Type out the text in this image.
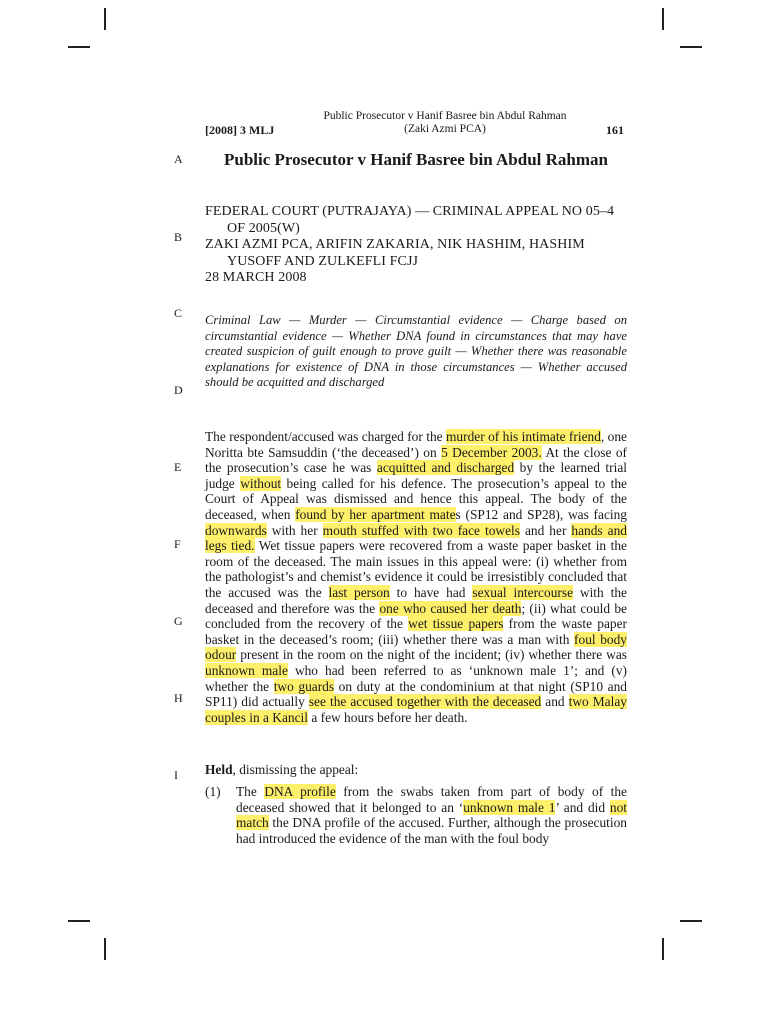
Public Prosecutor v Hanif Basree bin Abdul Rahman
(Zaki Azmi PCA)
[2008] 3 MLJ	161
Public Prosecutor v Hanif Basree bin Abdul Rahman
A
B
C
D
E
F
G
H
I
FEDERAL COURT (PUTRAJAYA) — CRIMINAL APPEAL NO 05–4
OF 2005(W)
ZAKI AZMI PCA, ARIFIN ZAKARIA, NIK HASHIM, HASHIM
YUSOFF AND ZULKEFLI FCJJ
28 MARCH 2008
Criminal Law — Murder — Circumstantial evidence — Charge based on circumstantial evidence — Whether DNA found in circumstances that may have created suspicion of guilt enough to prove guilt — Whether there was reasonable explanations for existence of DNA in those circumstances — Whether accused should be acquitted and discharged
The respondent/accused was charged for the murder of his intimate friend, one Noritta bte Samsuddin (‘the deceased’) on 5 December 2003. At the close of the prosecution’s case he was acquitted and discharged by the learned trial judge without being called for his defence. The prosecution’s appeal to the Court of Appeal was dismissed and hence this appeal. The body of the deceased, when found by her apartment mates (SP12 and SP28), was facing downwards with her mouth stuffed with two face towels and her hands and legs tied. Wet tissue papers were recovered from a waste paper basket in the room of the deceased. The main issues in this appeal were: (i) whether from the pathologist’s and chemist’s evidence it could be irresistibly concluded that the accused was the last person to have had sexual intercourse with the deceased and therefore was the one who caused her death; (ii) what could be concluded from the recovery of the wet tissue papers from the waste paper basket in the deceased’s room; (iii) whether there was a man with foul body odour present in the room on the night of the incident; (iv) whether there was unknown male who had been referred to as ‘unknown male 1’; and (v) whether the two guards on duty at the condominium at that night (SP10 and SP11) did actually see the accused together with the deceased and two Malay couples in a Kancil a few hours before her death.
Held, dismissing the appeal:
(1) The DNA profile from the swabs taken from part of body of the deceased showed that it belonged to an ‘unknown male 1’ and did not match the DNA profile of the accused. Further, although the prosecution had introduced the evidence of the man with the foul body
